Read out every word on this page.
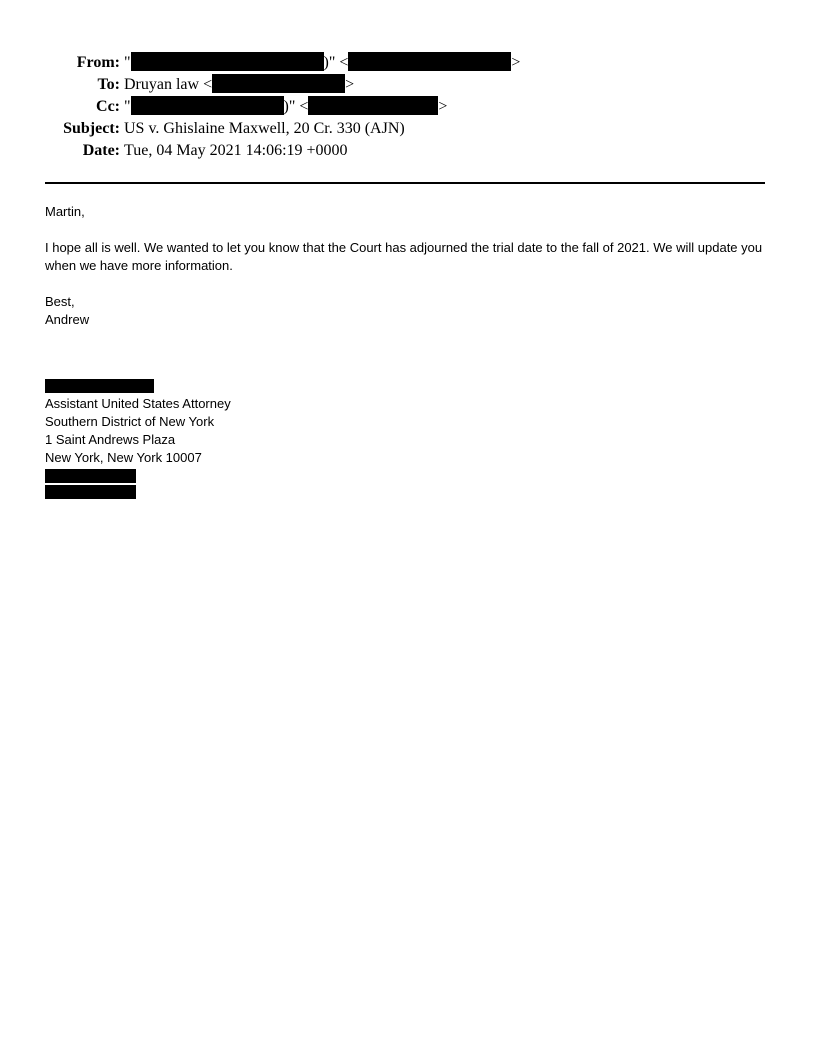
From: "	)" <	>
To: Druyan law <	>
Cc: "	)" <	>
Subject: US v. Ghislaine Maxwell, 20 Cr. 330 (AJN)
Date: Tue, 04 May 2021 14:06:19 +0000

Martin,

I hope all is well. We wanted to let you know that the Court has adjourned the trial date to the fall of 2021. We will update you when we have more information.

Best,

Andrew

Assistant United States Attorney

Southern District of New York

1 Saint Andrews Plaza

New York, New York 10007
